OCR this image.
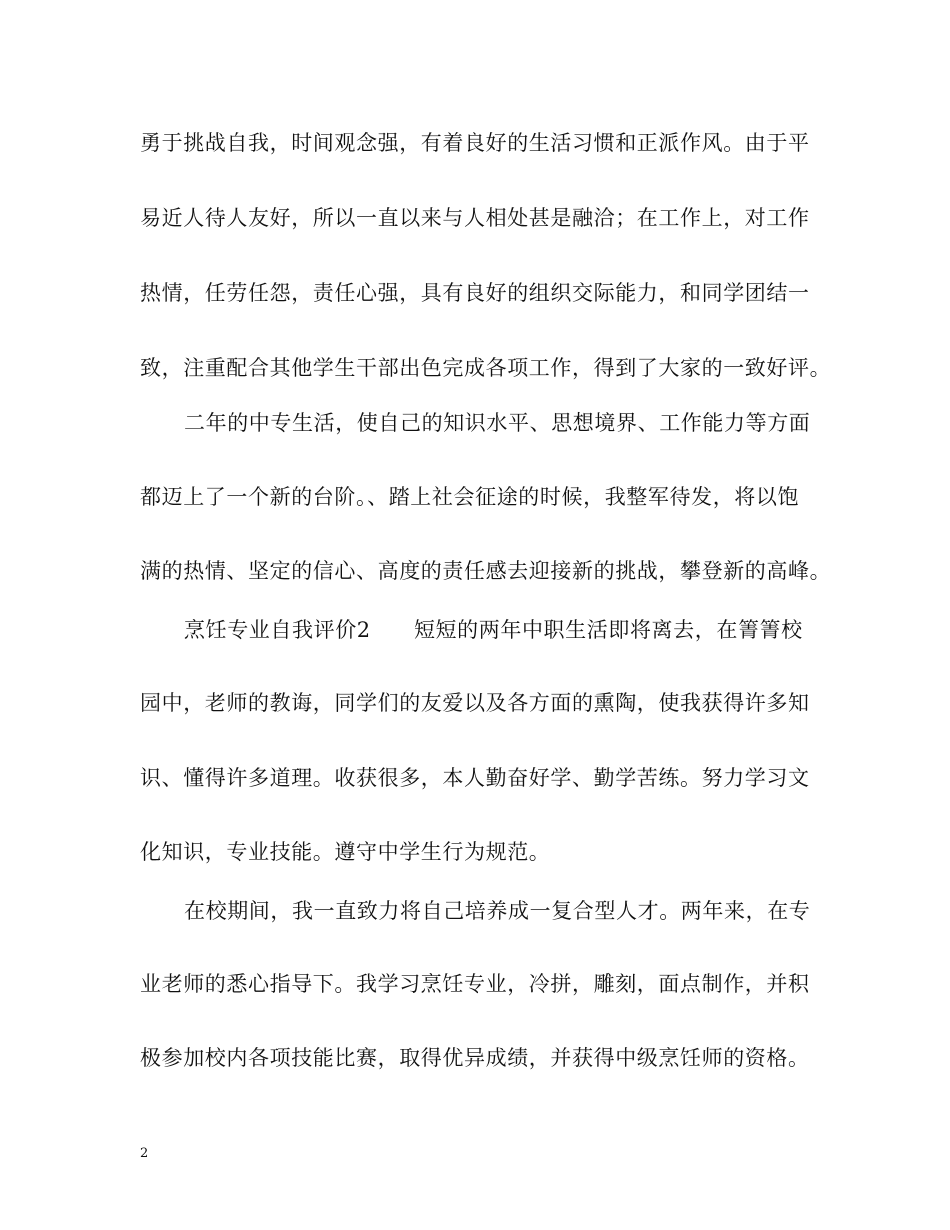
勇于挑战自我，时间观念强，有着良好的生活习惯和正派作风。由于平
易近人待人友好，所以一直以来与人相处甚是融洽；在工作上，对工作
热情，任劳任怨，责任心强，具有良好的组织交际能力，和同学团结一
致，注重配合其他学生干部出色完成各项工作，得到了大家的一致好评。
二年的中专生活，使自己的知识水平、思想境界、工作能力等方面
都迈上了一个新的台阶。、踏上社会征途的时候，我整军待发，将以饱
满的热情、坚定的信心、高度的责任感去迎接新的挑战，攀登新的高峰。
烹饪专业自我评价2　　短短的两年中职生活即将离去，在箐箐校
园中，老师的教诲，同学们的友爱以及各方面的熏陶，使我获得许多知
识、懂得许多道理。收获很多，本人勤奋好学、勤学苦练。努力学习文
化知识，专业技能。遵守中学生行为规范。
在校期间，我一直致力将自己培养成一复合型人才。两年来，在专
业老师的悉心指导下。我学习烹饪专业，冷拼，雕刻，面点制作，并积
极参加校内各项技能比赛，取得优异成绩，并获得中级烹饪师的资格。
2
